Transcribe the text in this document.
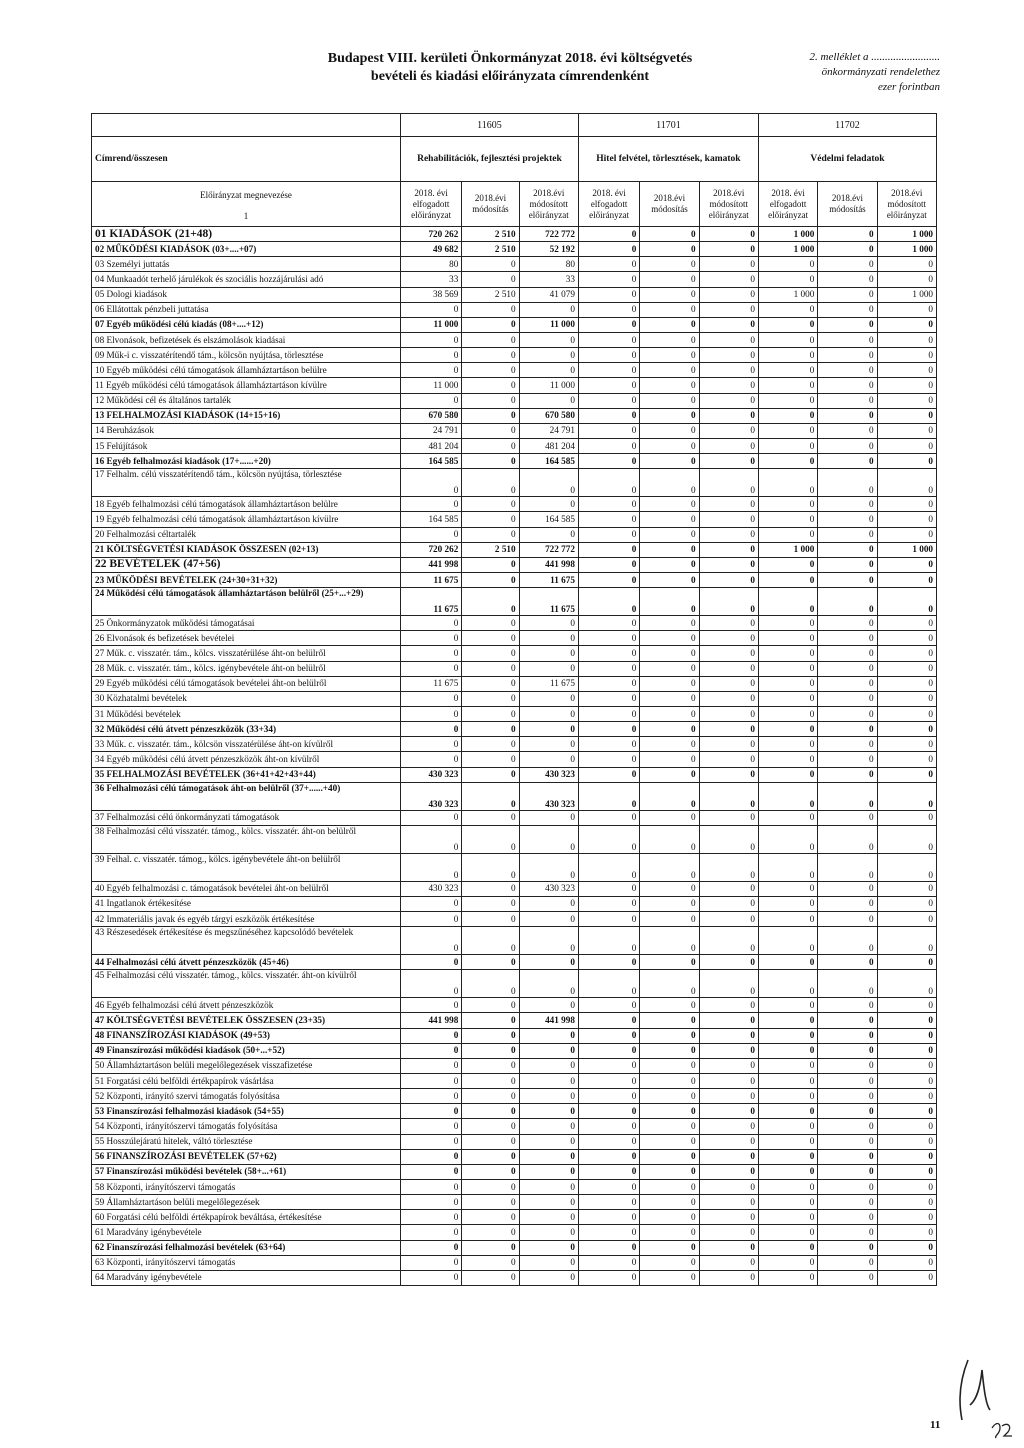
Budapest VIII. kerületi Önkormányzat 2018. évi költségvetés
bevételi és kiadási előirányzata címrendenként
2. melléklet a .........................
önkormányzati rendelethez
ezer forintban
	11605			11701			11702		
Címrend/összesen	Rehabilitációk, fejlesztési projektek			Hitel felvétel, törlesztések, kamatok			Védelmi feladatok		

Előirányzat megnevezése
1	2018. évi elfogadott előirányzat	2018.évi módosítás	2018.évi módosított előirányzat	2018. évi elfogadott előirányzat	2018.évi módosítás	2018.évi módosított előirányzat	2018. évi elfogadott előirányzat	2018.évi módosítás	2018.évi módosított előirányzat
01 KIADÁSOK (21+48)	720 262	2 510	722 772	0	0	0	1 000	0	1 000
02 MŰKÖDÉSI KIADÁSOK (03+....+07)	49 682	2 510	52 192	0	0	0	1 000	0	1 000
03 Személyi juttatás	80	0	80	0	0	0	0	0	0
04 Munkaadót terhelő járulékok és szociális hozzájárulási adó	33	0	33	0	0	0	0	0	0
05 Dologi kiadások	38 569	2 510	41 079	0	0	0	1 000	0	1 000
06 Ellátottak pénzbeli juttatása	0	0	0	0	0	0	0	0	0
07 Egyéb működési célú kiadás (08+....+12)	11 000	0	11 000	0	0	0	0	0	0
08 Elvonások, befizetések és elszámolások kiadásai	0	0	0	0	0	0	0	0	0
09 Műk-i c. visszatérítendő tám., kölcsön nyújtása, törlesztése	0	0	0	0	0	0	0	0	0
10 Egyéb működési célú támogatások államháztartáson belülre	0	0	0	0	0	0	0	0	0
11 Egyéb működési célú támogatások államháztartáson kívülre	11 000	0	11 000	0	0	0	0	0	0
12 Működési cél és általános tartalék	0	0	0	0	0	0	0	0	0
13 FELHALMOZÁSI KIADÁSOK (14+15+16)	670 580	0	670 580	0	0	0	0	0	0
14 Beruházások	24 791	0	24 791	0	0	0	0	0	0
15 Felújítások	481 204	0	481 204	0	0	0	0	0	0
16 Egyéb felhalmozási kiadások (17+......+20)	164 585	0	164 585	0	0	0	0	0	0
17 Felhalm. célú visszatérítendő tám., kölcsön nyújtása, törlesztése	0	0	0	0	0	0	0	0	0
18 Egyéb felhalmozási célú támogatások államháztartáson belülre	0	0	0	0	0	0	0	0	0
19 Egyéb felhalmozási célú támogatások államháztartáson kívülre	164 585	0	164 585	0	0	0	0	0	0
20 Felhalmozási céltartalék	0	0	0	0	0	0	0	0	0
21 KÖLTSÉGVETÉSI KIADÁSOK ÖSSZESEN (02+13)	720 262	2 510	722 772	0	0	0	1 000	0	1 000
22 BEVÉTELEK (47+56)	441 998	0	441 998	0	0	0	0	0	0
23 MŰKÖDÉSI BEVÉTELEK (24+30+31+32)	11 675	0	11 675	0	0	0	0	0	0
24 Működési célú támogatások államháztartáson belülről (25+...+29)	11 675	0	11 675	0	0	0	0	0	0
25 Önkormányzatok működési támogatásai	0	0	0	0	0	0	0	0	0
26 Elvonások és befizetések bevételei	0	0	0	0	0	0	0	0	0
27 Műk. c. visszatér. tám., kölcs. visszatérülése áht-on belülről	0	0	0	0	0	0	0	0	0
28 Műk. c. visszatér. tám., kölcs. igénybevétele áht-on belülről	0	0	0	0	0	0	0	0	0
29 Egyéb működési célú támogatások bevételei áht-on belülről	11 675	0	11 675	0	0	0	0	0	0
30 Közhatalmi bevételek	0	0	0	0	0	0	0	0	0
31 Működési bevételek	0	0	0	0	0	0	0	0	0
32 Működési célú átvett pénzeszközök (33+34)	0	0	0	0	0	0	0	0	0
33 Műk. c. visszatér. tám., kölcsön visszatérülése áht-on kívülről	0	0	0	0	0	0	0	0	0
34 Egyéb működési célú átvett pénzeszközök áht-on kívülről	0	0	0	0	0	0	0	0	0
35 FELHALMOZÁSI BEVÉTELEK (36+41+42+43+44)	430 323	0	430 323	0	0	0	0	0	0
36 Felhalmozási célú támogatások áht-on belülről (37+......+40)	430 323	0	430 323	0	0	0	0	0	0
37 Felhalmozási célú önkormányzati támogatások	0	0	0	0	0	0	0	0	0
38 Felhalmozási célú visszatér. támog., kölcs. visszatér. áht-on belülről	0	0	0	0	0	0	0	0	0
39 Felhal. c. visszatér. támog., kölcs. igénybevétele áht-on belülről	0	0	0	0	0	0	0	0	0
40 Egyéb felhalmozási c. támogatások bevételei áht-on belülről	430 323	0	430 323	0	0	0	0	0	0
41 Ingatlanok értékesítése	0	0	0	0	0	0	0	0	0
42 Immateriális javak és egyéb tárgyi eszközök értékesítése	0	0	0	0	0	0	0	0	0
43 Részesedések értékesítése és megszűnéséhez kapcsolódó bevételek	0	0	0	0	0	0	0	0	0
44 Felhalmozási célú átvett pénzeszközök (45+46)	0	0	0	0	0	0	0	0	0
45 Felhalmozási célú visszatér. támog., kölcs. visszatér. áht-on kívülről	0	0	0	0	0	0	0	0	0
46 Egyéb felhalmozási célú átvett pénzeszközök	0	0	0	0	0	0	0	0	0
47 KÖLTSÉGVETÉSI BEVÉTELEK ÖSSZESEN (23+35)	441 998	0	441 998	0	0	0	0	0	0
48 FINANSZÍROZÁSI KIADÁSOK (49+53)	0	0	0	0	0	0	0	0	0
49 Finanszírozási működési kiadások (50+...+52)	0	0	0	0	0	0	0	0	0
50 Államháztartáson belüli megelőlegezések visszafizetése	0	0	0	0	0	0	0	0	0
51 Forgatási célú belföldi értékpapírok vásárlása	0	0	0	0	0	0	0	0	0
52 Központi, irányító szervi támogatás folyósítása	0	0	0	0	0	0	0	0	0
53 Finanszírozási felhalmozási kiadások (54+55)	0	0	0	0	0	0	0	0	0
54 Központi, irányítószervi támogatás folyósítása	0	0	0	0	0	0	0	0	0
55 Hosszúlejáratú hitelek, váltó törlesztése	0	0	0	0	0	0	0	0	0
56 FINANSZÍROZÁSI BEVÉTELEK (57+62)	0	0	0	0	0	0	0	0	0
57 Finanszírozási működési bevételek (58+...+61)	0	0	0	0	0	0	0	0	0
58 Központi, irányítószervi támogatás	0	0	0	0	0	0	0	0	0
59 Államháztartáson belüli megelőlegezések	0	0	0	0	0	0	0	0	0
60 Forgatási célú belföldi értékpapírok beváltása, értékesítése	0	0	0	0	0	0	0	0	0
61 Maradvány igénybevétele	0	0	0	0	0	0	0	0	0
62 Finanszírozási felhalmozási bevételek (63+64)	0	0	0	0	0	0	0	0	0
63 Központi, irányítószervi támogatás	0	0	0	0	0	0	0	0	0
64 Maradvány igénybevétele	0	0	0	0	0	0	0	0	0
11
